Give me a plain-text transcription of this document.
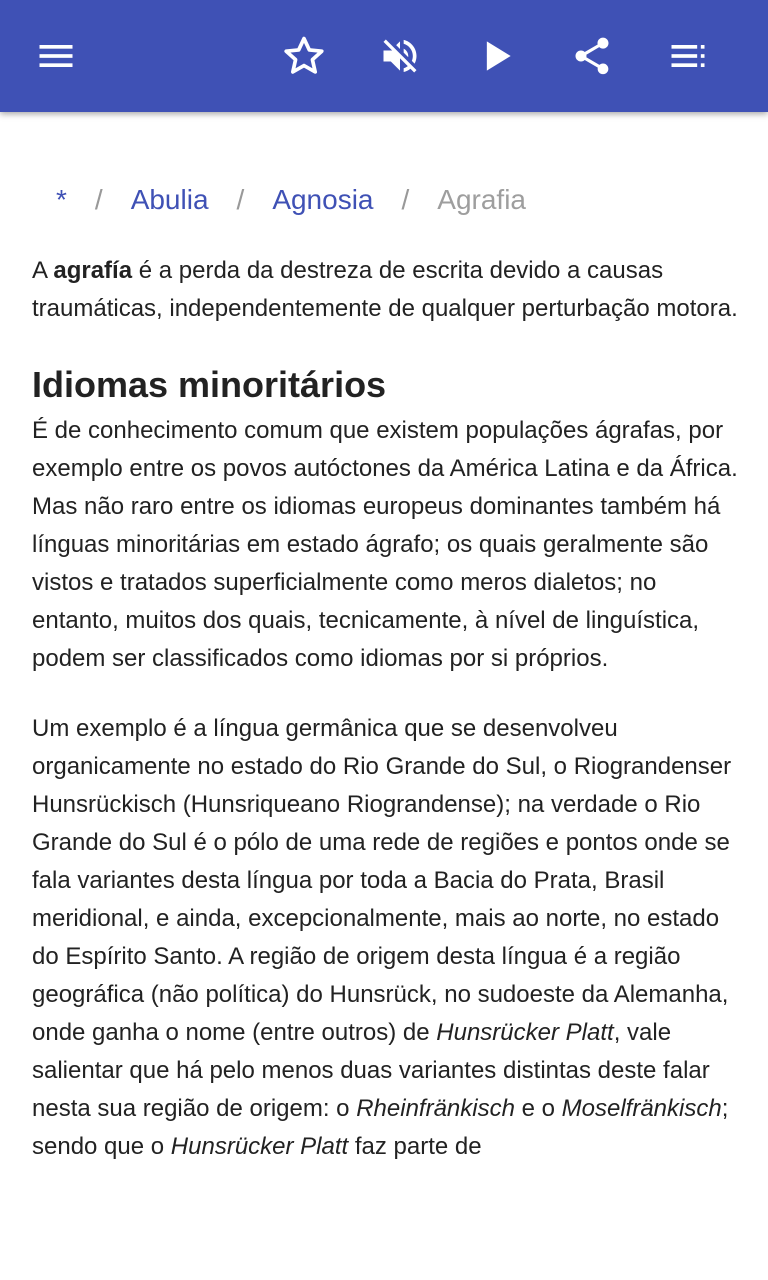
* / Abulia / Agnosia / Agrafia

A agrafía é a perda da destreza de escrita devido a causas traumáticas, independentemente de qualquer perturbação motora.

Idiomas minoritários

É de conhecimento comum que existem populações ágrafas, por exemplo entre os povos autóctones da América Latina e da África. Mas não raro entre os idiomas europeus dominantes também há línguas minoritárias em estado ágrafo; os quais geralmente são vistos e tratados superficialmente como meros dialetos; no entanto, muitos dos quais, tecnicamente, à nível de linguística, podem ser classificados como idiomas por si próprios.

Um exemplo é a língua germânica que se desenvolveu organicamente no estado do Rio Grande do Sul, o Riograndenser Hunsrückisch (Hunsriqueano Riograndense); na verdade o Rio Grande do Sul é o pólo de uma rede de regiões e pontos onde se fala variantes desta língua por toda a Bacia do Prata, Brasil meridional, e ainda, excepcionalmente, mais ao norte, no estado do Espírito Santo. A região de origem desta língua é a região geográfica (não política) do Hunsrück, no sudoeste da Alemanha, onde ganha o nome (entre outros) de Hunsrücker Platt, vale salientar que há pelo menos duas variantes distintas deste falar nesta sua região de origem: o Rheinfränkisch e o Moselfränkisch; sendo que o Hunsrücker Platt faz parte de
